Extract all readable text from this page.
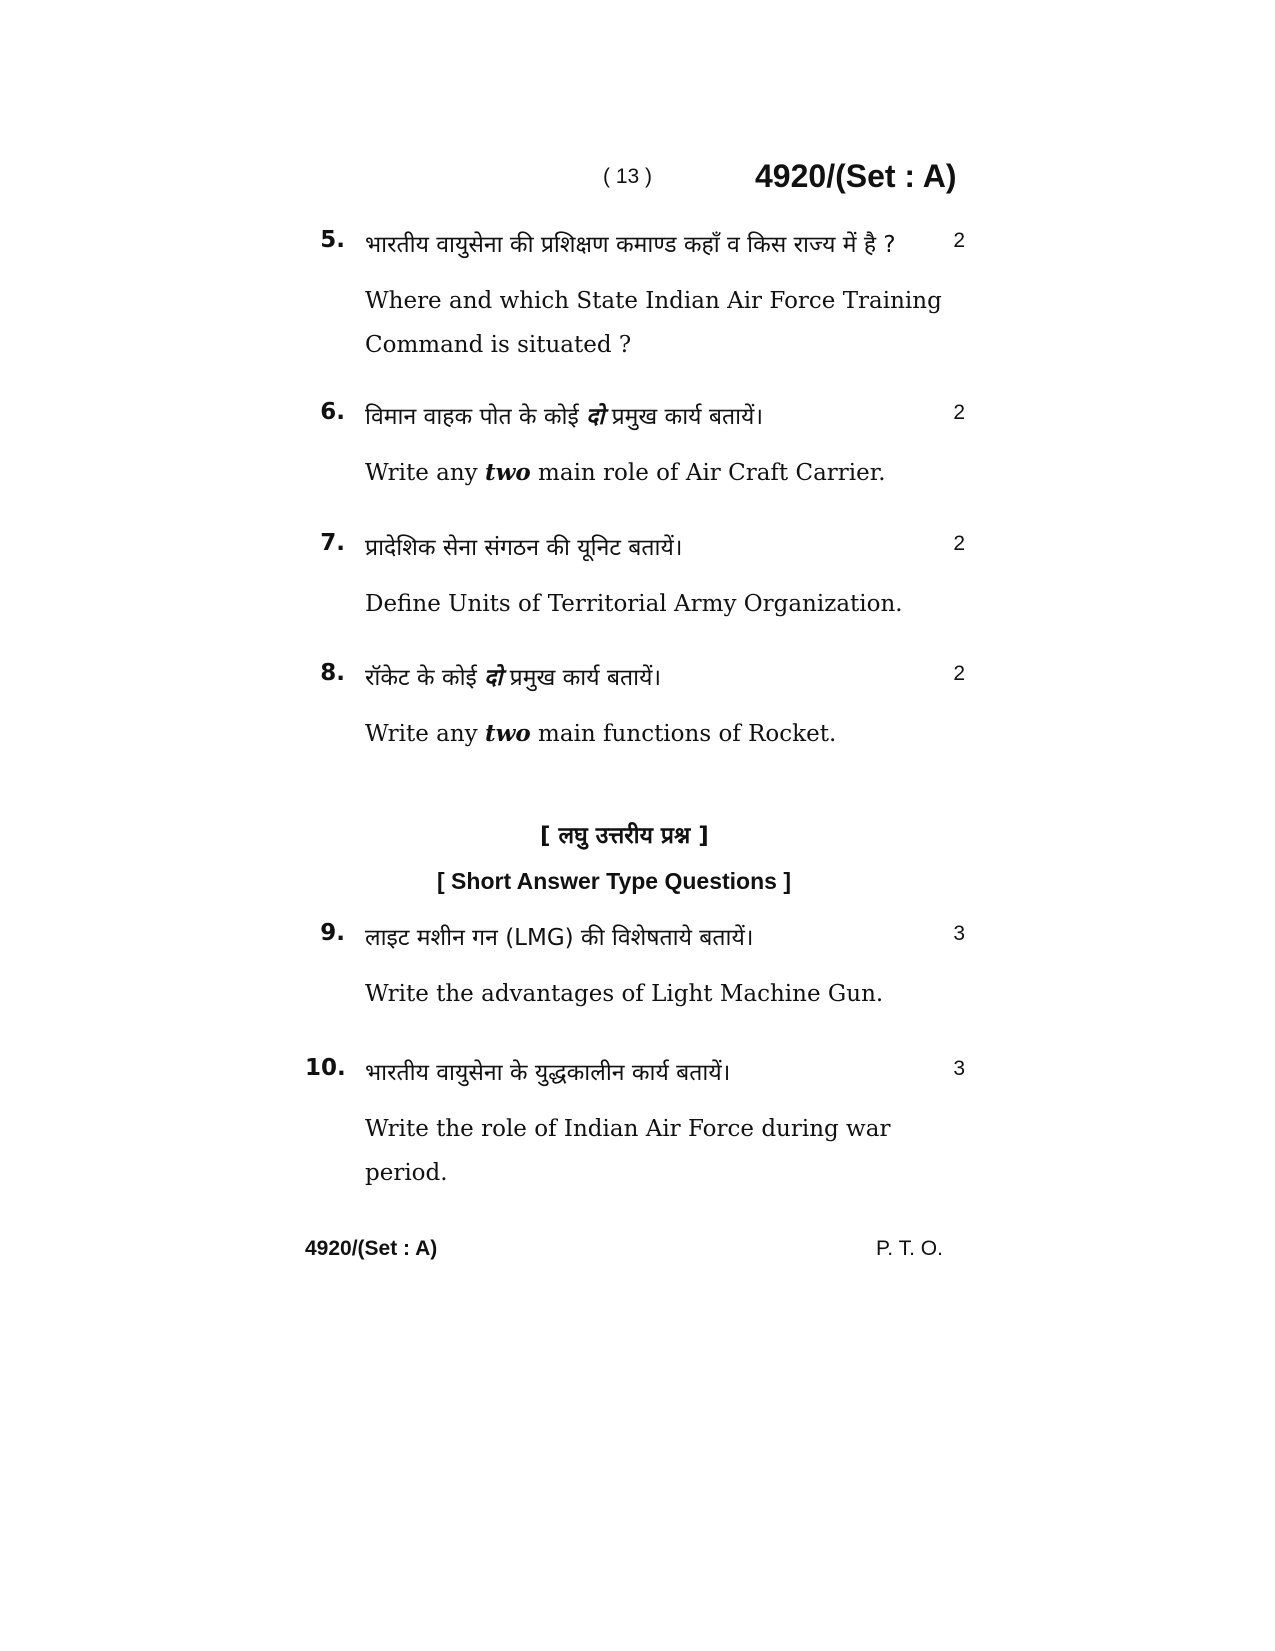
( 13 )	4920/(Set : A)
5. भारतीय वायुसेना की प्रशिक्षण कमाण्ड कहाँ व किस राज्य में है ?	2
Where and which State Indian Air Force Training
Command is situated ?
6. विमान वाहक पोत के कोई दो प्रमुख कार्य बतायें।	2
Write any two main role of Air Craft Carrier.
7. प्रादेशिक सेना संगठन की यूनिट बतायें।	2
Define Units of Territorial Army Organization.
8. रॉकेट के कोई दो प्रमुख कार्य बतायें।	2
Write any two main functions of Rocket.
[ लघु उत्तरीय प्रश्न ]
[ Short Answer Type Questions ]
9. लाइट मशीन गन (LMG) की विशेषताये बतायें।	3
Write the advantages of Light Machine Gun.
10. भारतीय वायुसेना के युद्धकालीन कार्य बतायें।	3
Write the role of Indian Air Force during war
period.
4920/(Set : A)	P. T. O.
